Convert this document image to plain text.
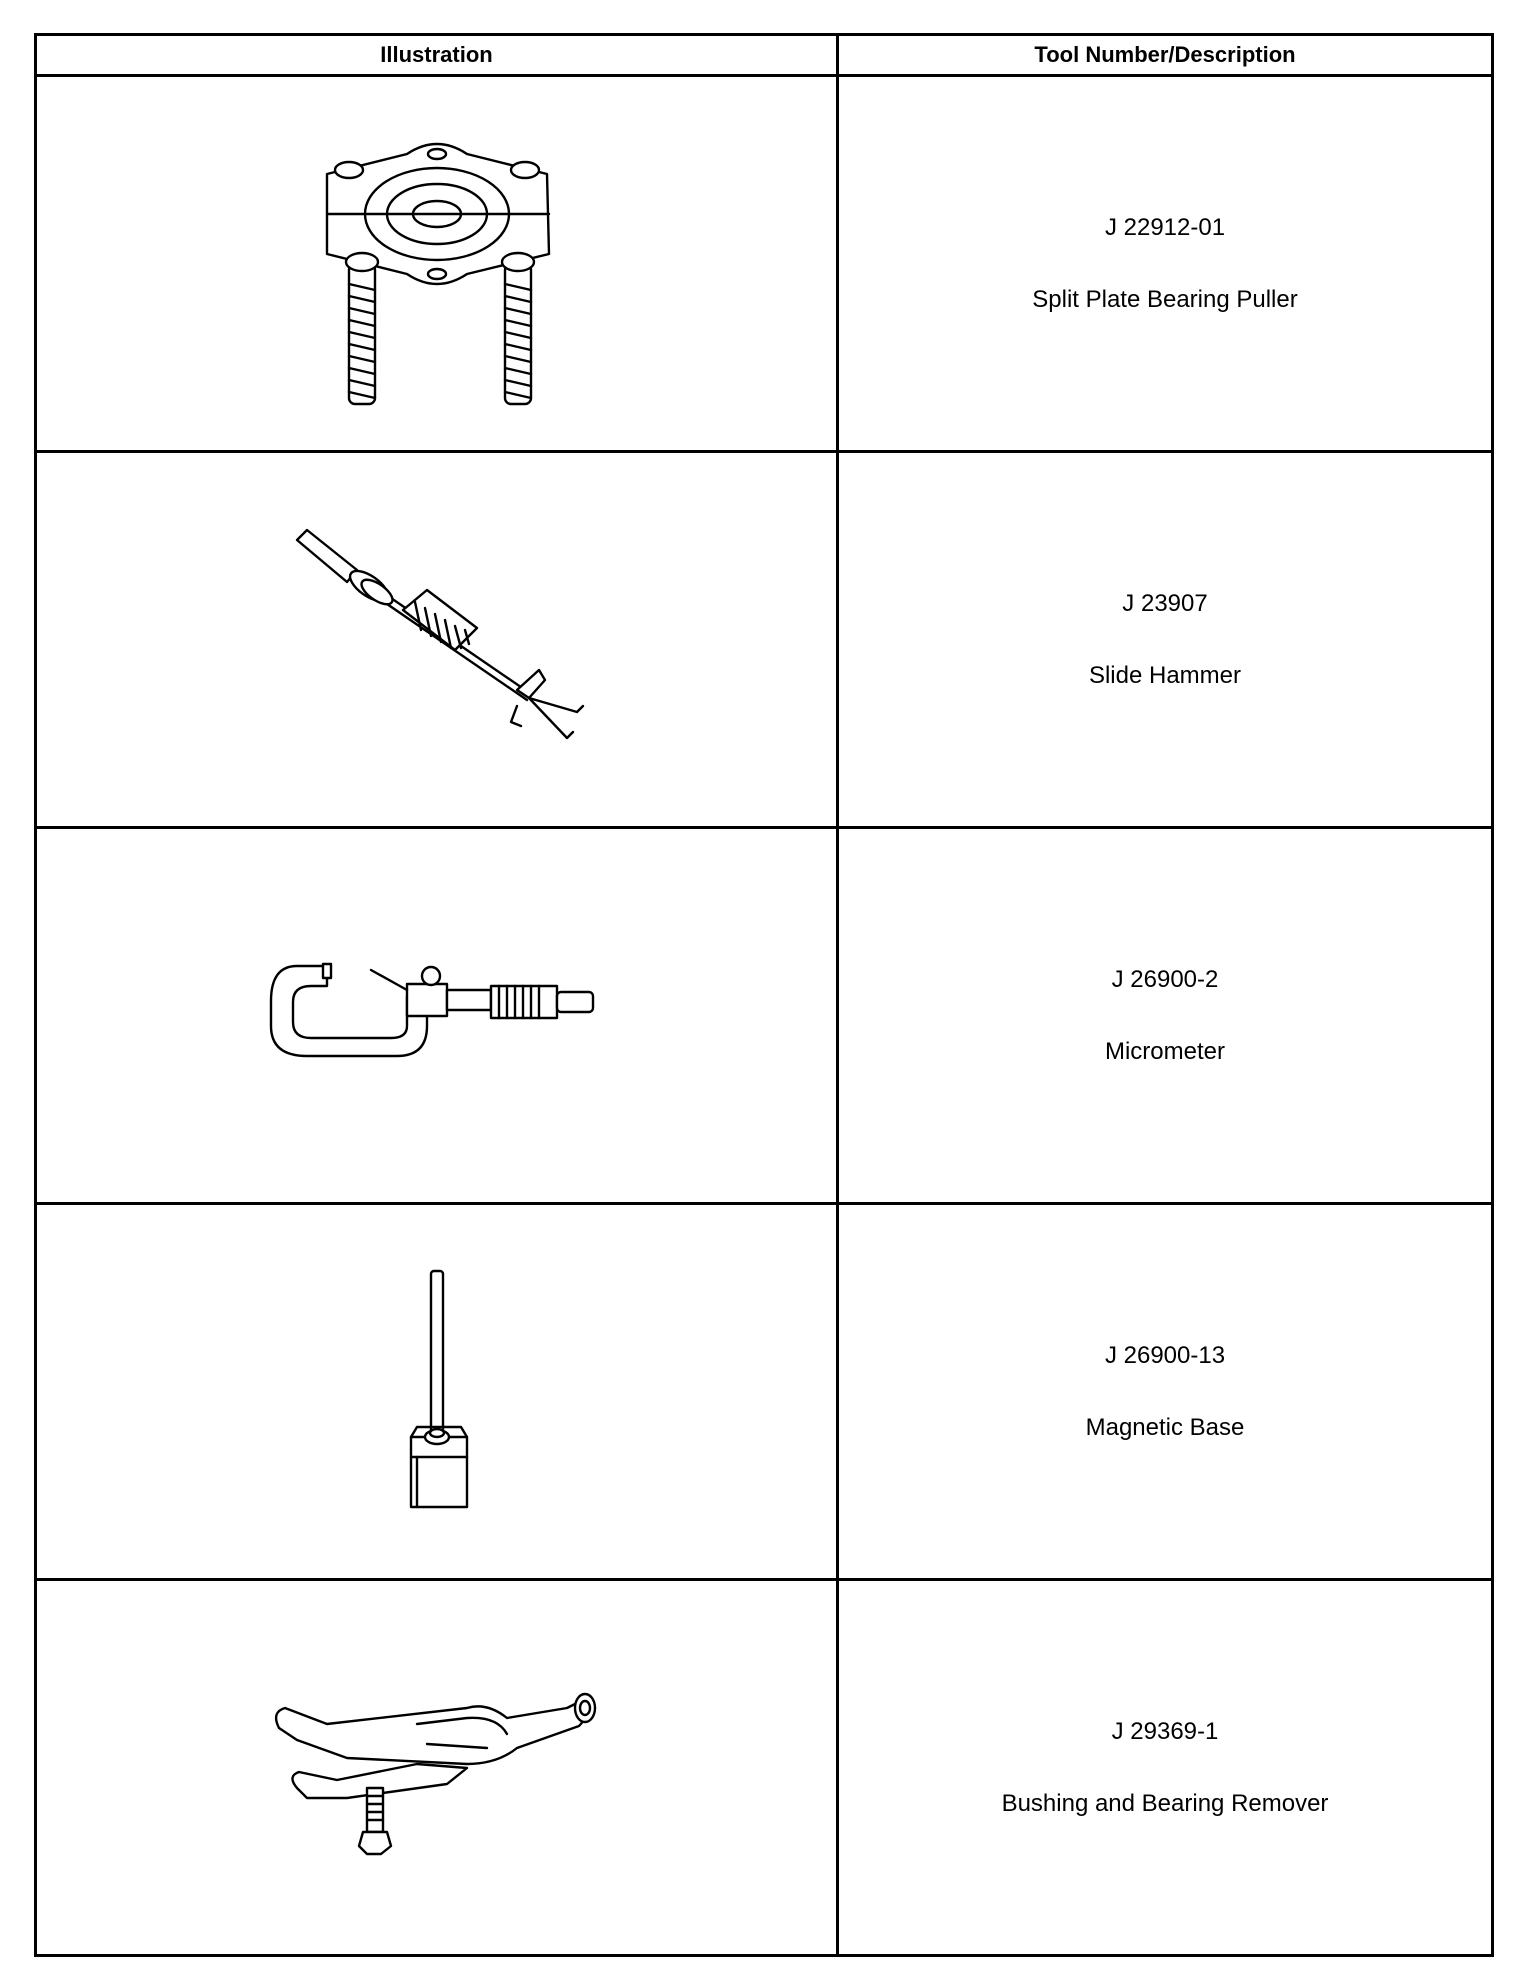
Illustration	Tool Number/Description

J 22912-01
Split Plate Bearing Puller

J 23907
Slide Hammer

J 26900-2
Micrometer

J 26900-13
Magnetic Base

J 29369-1
Bushing and Bearing Remover
